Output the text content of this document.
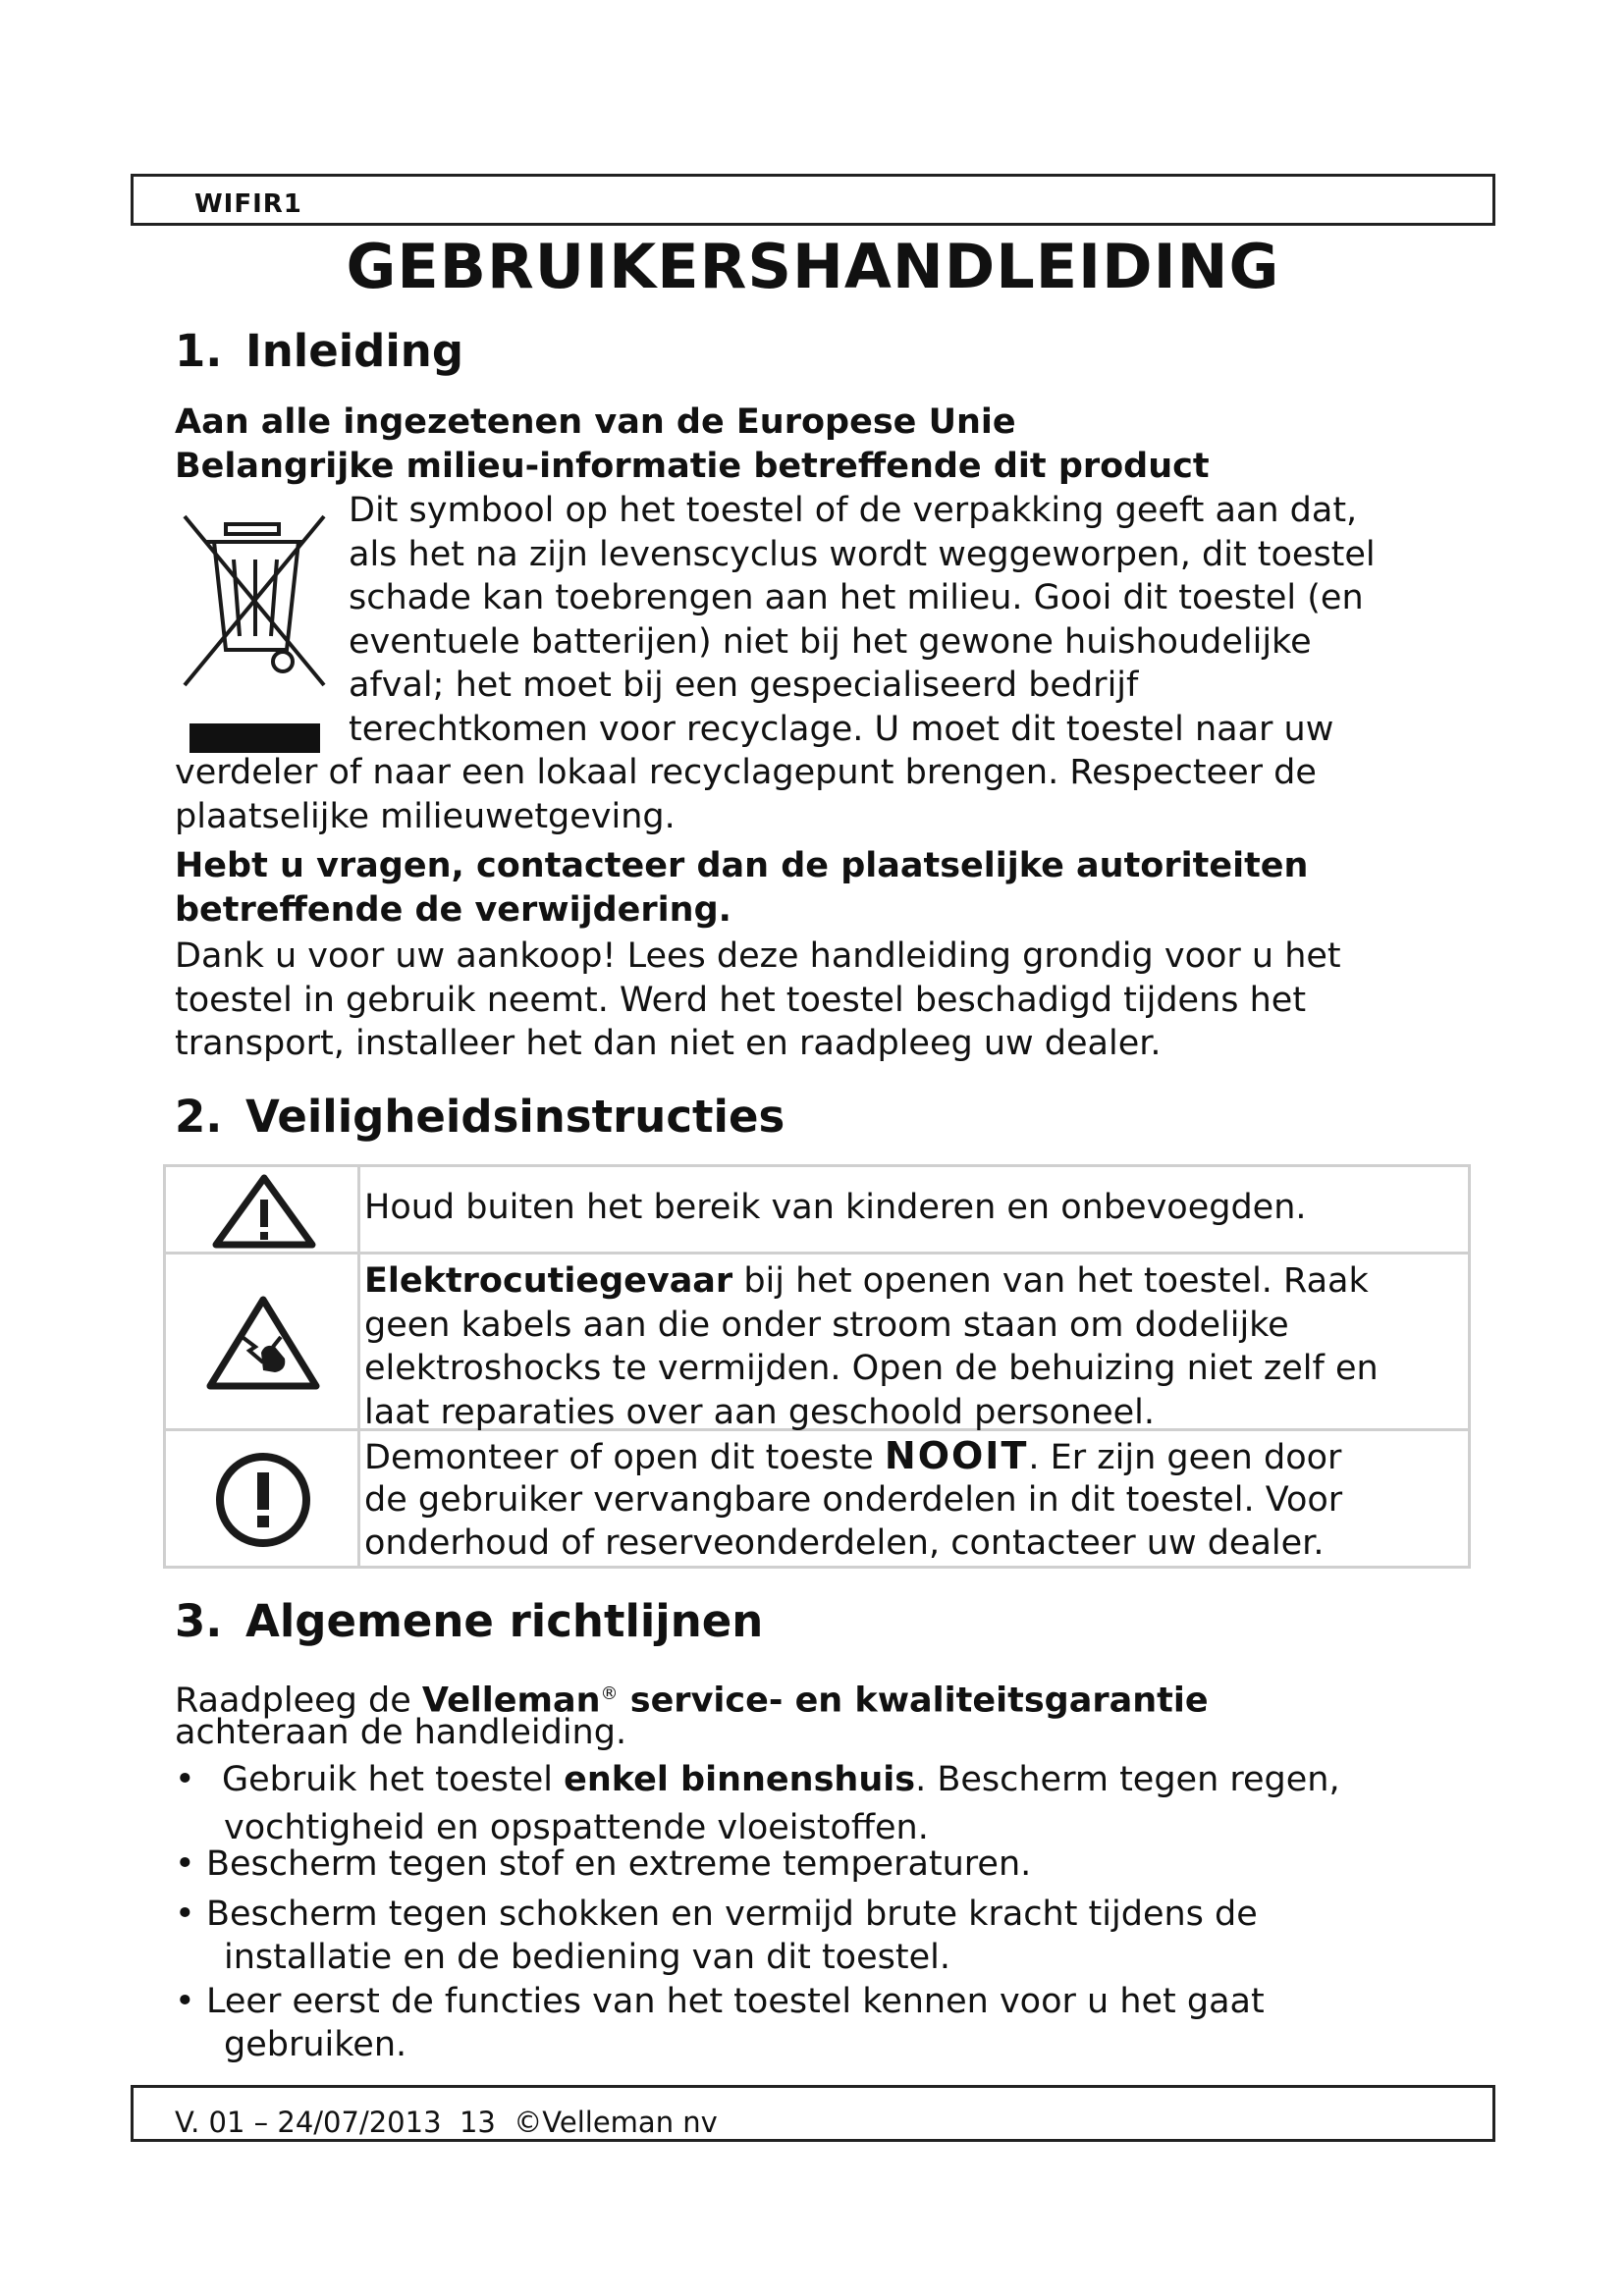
WIFIR1
GEBRUIKERSHANDLEIDING
1. Inleiding
Aan alle ingezetenen van de Europese Unie
Belangrijke milieu-informatie betreffende dit product
Dit symbool op het toestel of de verpakking geeft aan dat,
als het na zijn levenscyclus wordt weggeworpen, dit toestel
schade kan toebrengen aan het milieu. Gooi dit toestel (en
eventuele batterijen) niet bij het gewone huishoudelijke
afval; het moet bij een gespecialiseerd bedrijf
terechtkomen voor recyclage. U moet dit toestel naar uw
verdeler of naar een lokaal recyclagepunt brengen. Respecteer de
plaatselijke milieuwetgeving.
Hebt u vragen, contacteer dan de plaatselijke autoriteiten
betreffende de verwijdering.
Dank u voor uw aankoop! Lees deze handleiding grondig voor u het
toestel in gebruik neemt. Werd het toestel beschadigd tijdens het
transport, installeer het dan niet en raadpleeg uw dealer.
2. Veiligheidsinstructies
Houd buiten het bereik van kinderen en onbevoegden.
Elektrocutiegevaar bij het openen van het toestel. Raak
geen kabels aan die onder stroom staan om dodelijke
elektroshocks te vermijden. Open de behuizing niet zelf en
laat reparaties over aan geschoold personeel.
Demonteer of open dit toeste NOOIT. Er zijn geen door
de gebruiker vervangbare onderdelen in dit toestel. Voor
onderhoud of reserveonderdelen, contacteer uw dealer.
3. Algemene richtlijnen
Raadpleeg de Velleman® service- en kwaliteitsgarantie
achteraan de handleiding.
• Gebruik het toestel enkel binnenshuis. Bescherm tegen regen,
vochtigheid en opspattende vloeistoffen.
• Bescherm tegen stof en extreme temperaturen.
• Bescherm tegen schokken en vermijd brute kracht tijdens de
installatie en de bediening van dit toestel.
• Leer eerst de functies van het toestel kennen voor u het gaat
gebruiken.
V. 01 – 24/07/2013  13  ©Velleman nv
